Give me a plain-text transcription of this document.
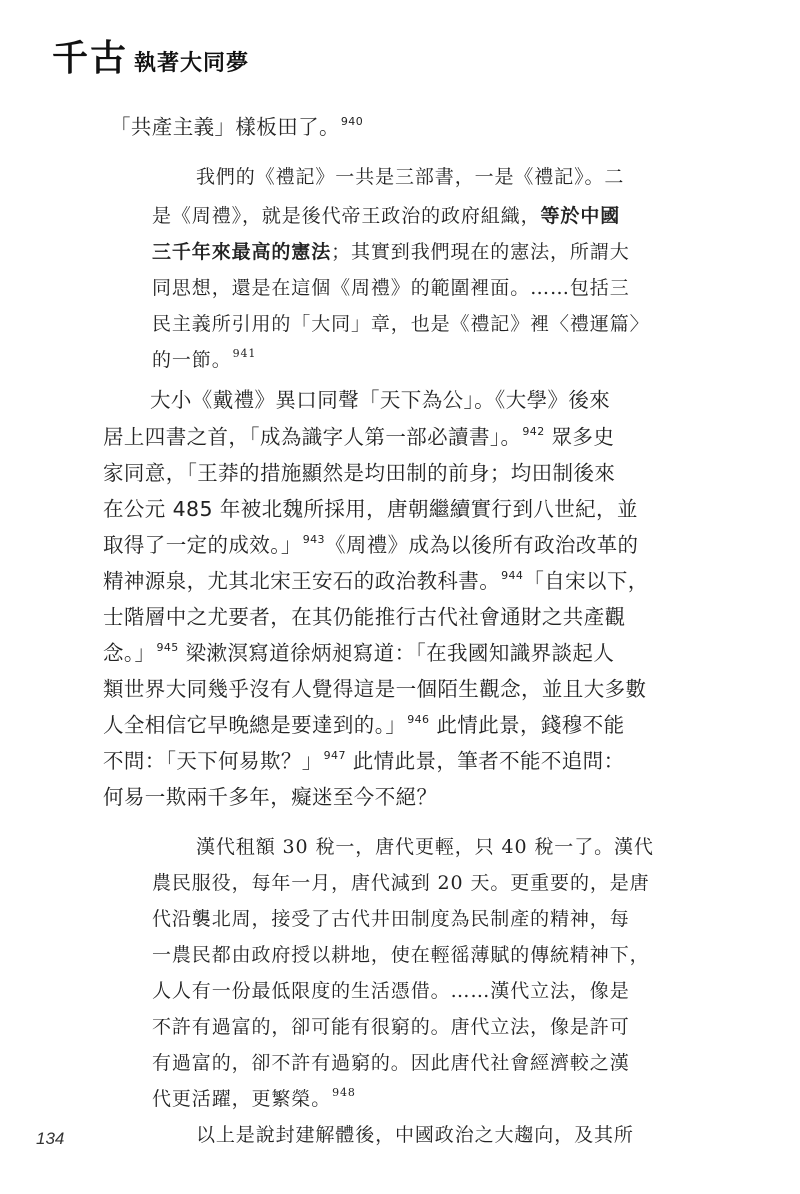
千古 執著大同夢
「共產主義」樣板田了。$^{940}$
我們的《禮記》一共是三部書，一是《禮記》。二
是《周禮》，就是後代帝王政治的政府組織，等於中國
三千年來最高的憲法；其實到我們現在的憲法，所謂大
同思想，還是在這個《周禮》的範圍裡面。……包括三
民主義所引用的「大同」章，也是《禮記》裡〈禮運篇〉
的一節。$^{941}$
大小《戴禮》異口同聲「天下為公」。《大學》後來
居上四書之首，「成為識字人第一部必讀書」。$^{942}$ 眾多史
家同意，「王莽的措施顯然是均田制的前身；均田制後來
在公元 485 年被北魏所採用，唐朝繼續實行到八世紀，並
取得了一定的成效。」$^{943}$《周禮》成為以後所有政治改革的
精神源泉，尤其北宋王安石的政治教科書。$^{944}$「自宋以下，
士階層中之尤要者，在其仍能推行古代社會通財之共產觀
念。」$^{945}$ 梁漱溟寫道徐炳昶寫道：「在我國知識界談起人
類世界大同幾乎沒有人覺得這是一個陌生觀念，並且大多數
人全相信它早晚總是要達到的。」$^{946}$ 此情此景，錢穆不能
不問：「天下何易欺？」$^{947}$ 此情此景，筆者不能不追問：
何易一欺兩千多年，癡迷至今不絕？
漢代租額 30 稅一，唐代更輕，只 40 稅一了。漢代
農民服役，每年一月，唐代減到 20 天。更重要的，是唐
代沿襲北周，接受了古代井田制度為民制產的精神，每
一農民都由政府授以耕地，使在輕徭薄賦的傳統精神下，
人人有一份最低限度的生活憑借。……漢代立法，像是
不許有過富的，卻可能有很窮的。唐代立法，像是許可
有過富的，卻不許有過窮的。因此唐代社會經濟較之漢
代更活躍，更繁榮。$^{948}$
以上是說封建解體後，中國政治之大趨向，及其所
134
